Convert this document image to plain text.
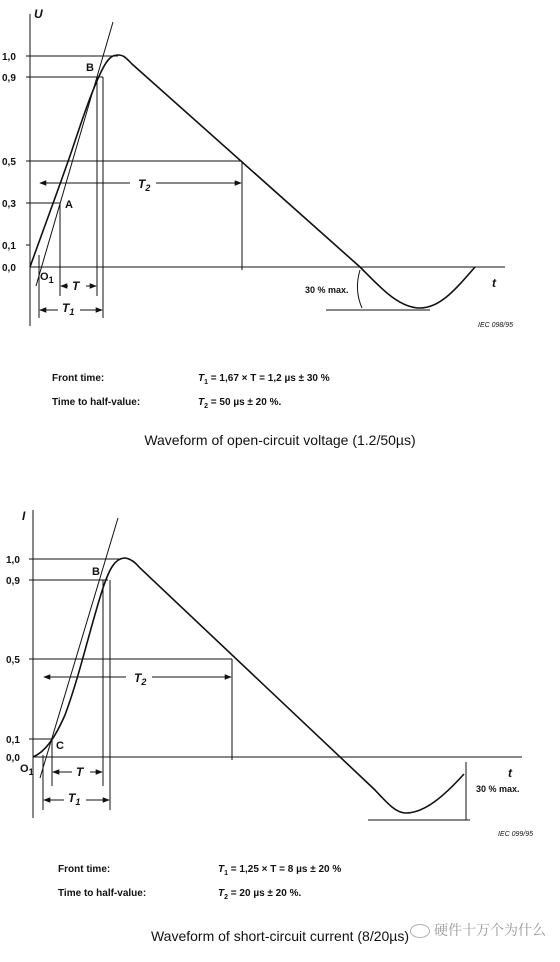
U
t
1,0
0,9
0,5
0,3
0,1
0,0
A
B
$O_1$
$T_2$
T
$T_1$
30 % max.
IEC 098/95
Front time:	$T_1 = 1,67 \times T = 1,2$ µs ± 30 %
Time to half-value:	$T_2 = 50$ µs ± 20 %.
Waveform of open-circuit voltage (1.2/50µs)
I
t
1,0
0,9
0,5
0,1
0,0
B
C
$O_1$
$T_2$
T
$T_1$
30 % max.
IEC 099/95
Front time:	$T_1 = 1,25 \times T = 8$ µs ± 20 %
Time to half-value:	$T_2 = 20$ µs ± 20 %.
Waveform of short-circuit current (8/20µs)	硬件十万个为什么
